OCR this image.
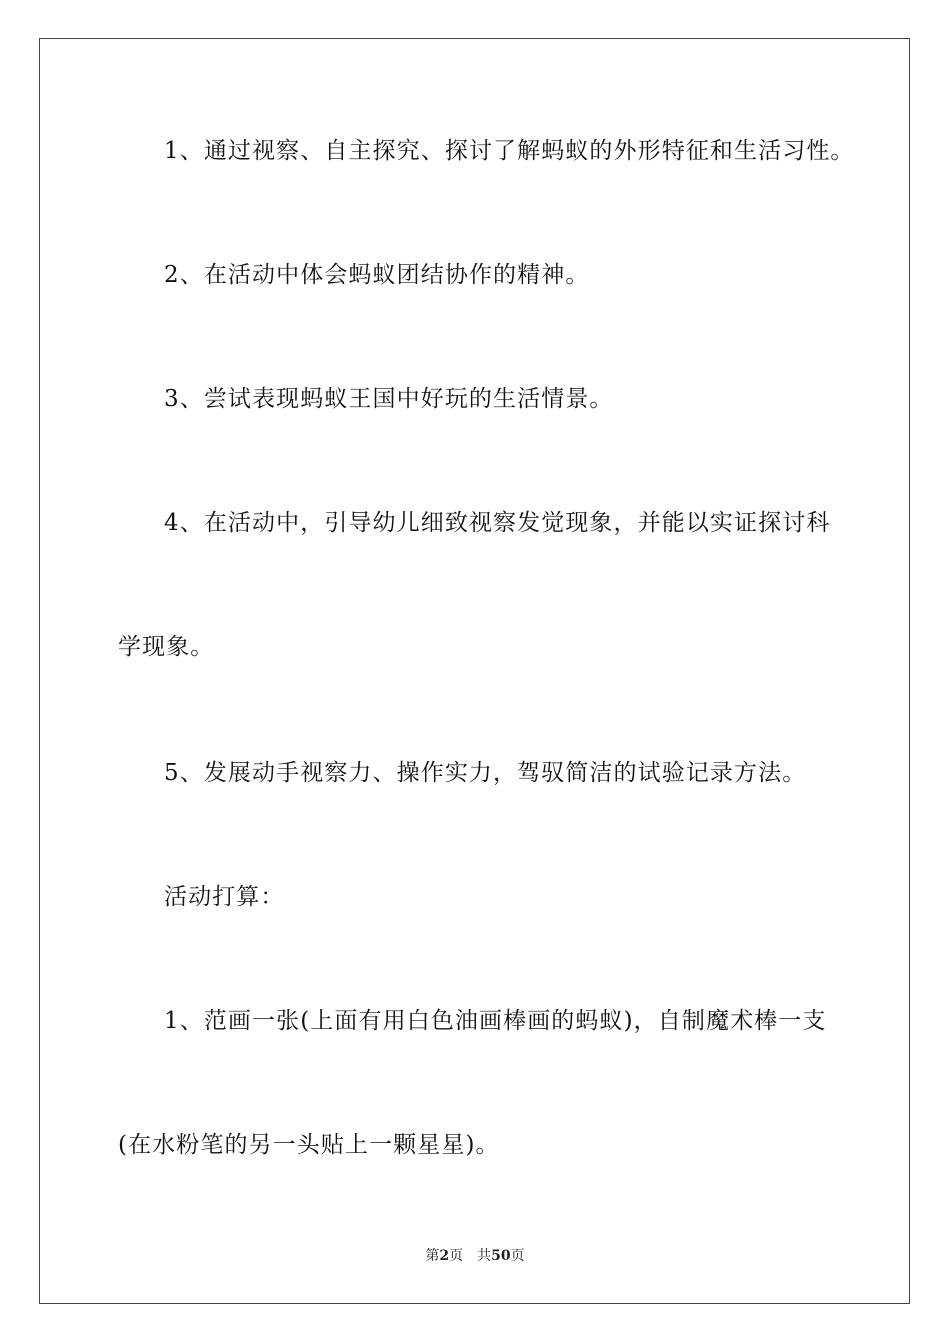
1、通过视察、自主探究、探讨了解蚂蚁的外形特征和生活习性。
2、在活动中体会蚂蚁团结协作的精神。
3、尝试表现蚂蚁王国中好玩的生活情景。
4、在活动中，引导幼儿细致视察发觉现象，并能以实证探讨科
学现象。
5、发展动手视察力、操作实力，驾驭简洁的试验记录方法。
活动打算：
1、范画一张(上面有用白色油画棒画的蚂蚁)，自制魔术棒一支
(在水粉笔的另一头贴上一颗星星)。
第2页 共50页
